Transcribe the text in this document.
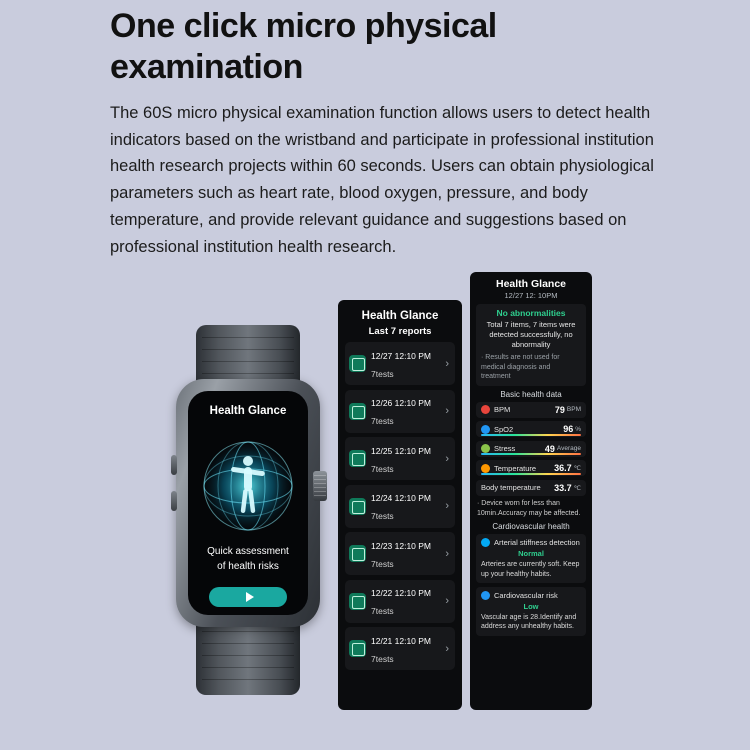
One click micro physical examination
The 60S micro physical examination function allows users to detect health indicators based on the wristband and participate in professional institution health research projects within 60 seconds. Users can obtain physiological parameters such as heart rate, blood oxygen, pressure, and body temperature, and provide relevant guidance and suggestions based on professional institution health research.
Health Glance
Quick assessment
of health risks
Health Glance
Last 7 reports
12/27 12:10 PM
7tests
›
12/26 12:10 PM
7tests
›
12/25 12:10 PM
7tests
›
12/24 12:10 PM
7tests
›
12/23 12:10 PM
7tests
›
12/22 12:10 PM
7tests
›
12/21 12:10 PM
7tests
›
Health Glance
12/27 12: 10PM
No abnormalities
Total 7 items, 7 items were detected successfully, no abnormality
· Results are not used for medical diagnosis and treatment
Basic health data
BPM	79 BPM
SpO2	96 %
Stress	49 Average
Temperature	36.7 ℃
Body temperature	33.7 ℃
· Device worn for less than 10min.Accuracy may be affected.
Cardiovascular health
Arterial stiffness detection
Normal
Arteries are currently soft. Keep up your healthy habits.
Cardiovascular risk
Low
Vascular age is 28.Identify and address any unhealthy habits.
